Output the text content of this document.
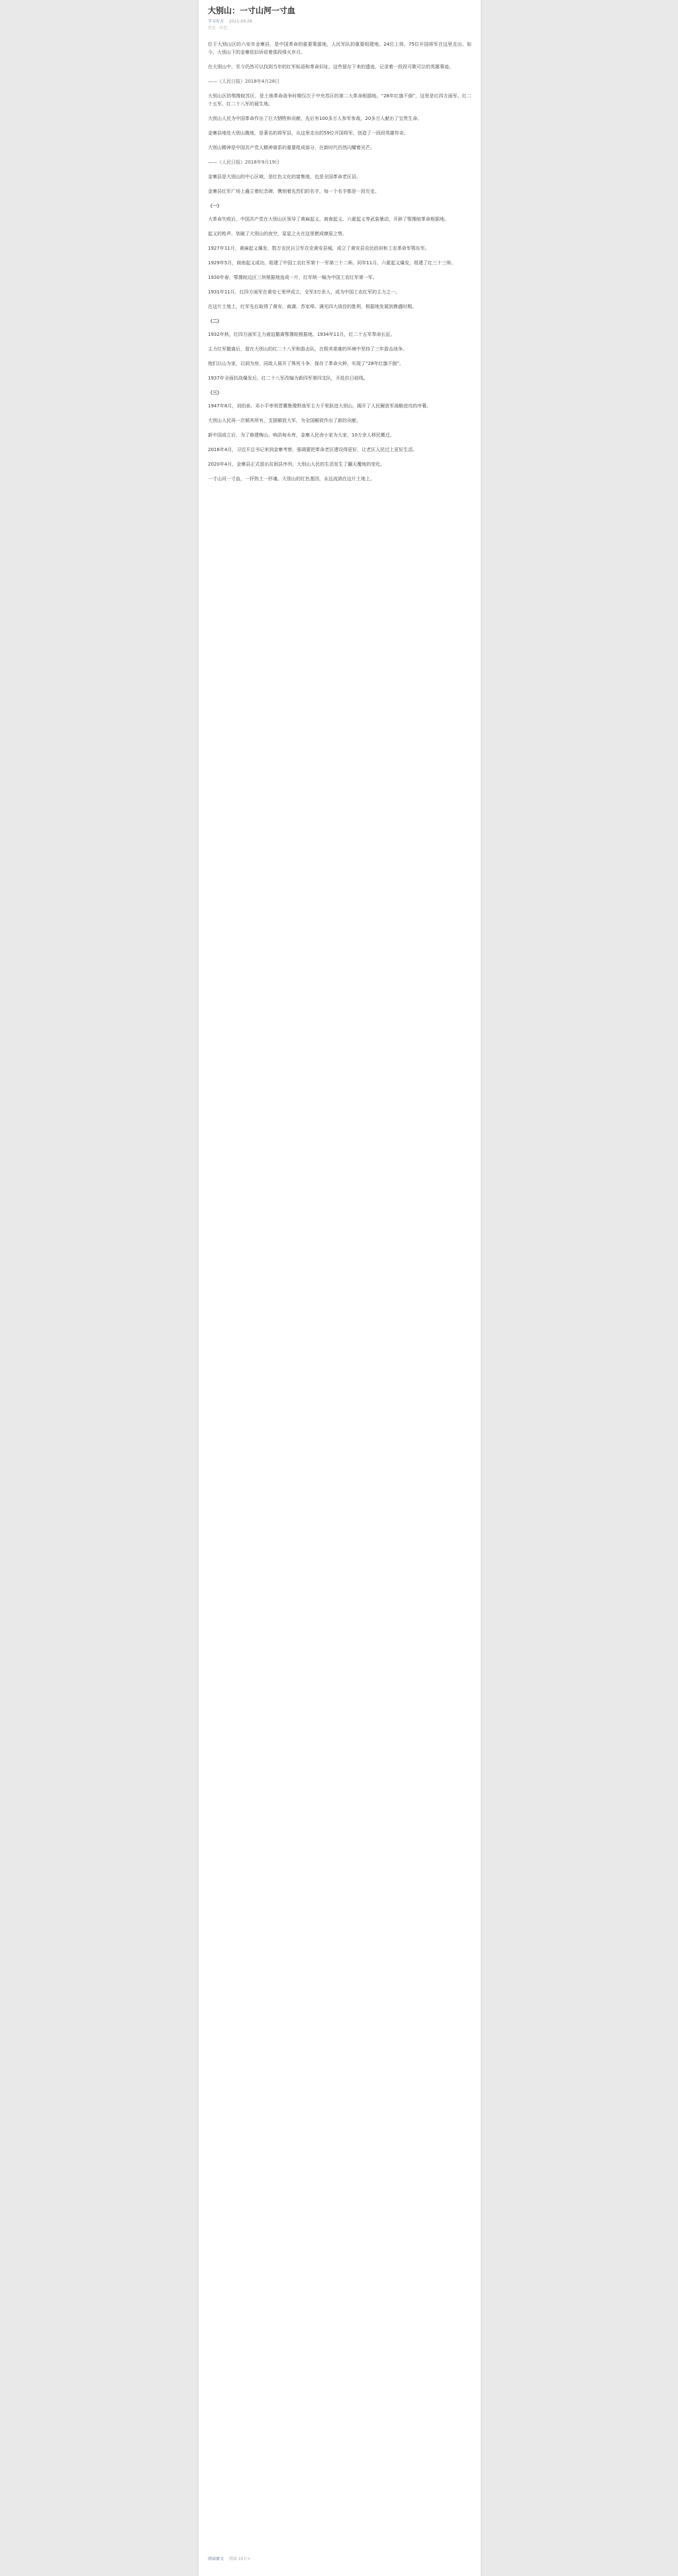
大别山：一寸山河一寸血

学习有方 2021-09-28

历史 · 红色

位于大别山区的六安市金寨县，是中国革命的重要策源地，人民军队的重要组建地。24位上将，75位开国将军在这里走出。如今，大别山下的金寨依旧诉说着那段烽火岁月。

在大别山中，至今仍然可以找到当年的红军标语和革命旧址。这些留存下来的遗迹，记录着一段段可歌可泣的英雄事迹。

——《人民日报》2018年4月28日

大别山区的鄂豫皖苏区，是土地革命战争时期仅次于中央苏区的第二大革命根据地。“28年红旗不倒”，这里是红四方面军、红二十五军、红二十八军的诞生地。

大别山人民为中国革命作出了巨大牺牲和贡献，先后有100多万人参军参战，20多万人献出了宝贵生命。

金寨县地处大别山腹地，是著名的将军县，从这里走出的59位开国将军，创造了一段段英雄传奇。

大别山精神是中国共产党人精神谱系的重要组成部分，在新时代仍然闪耀着光芒。

——《人民日报》2018年9月19日

金寨县是大别山的中心区域，是红色文化的富集地，也是全国革命老区县。

金寨县红军广场上矗立着纪念碑，镌刻着先烈们的名字，每一个名字都是一段历史。

（一）

大革命失败后，中国共产党在大别山区领导了黄麻起义、商南起义、六霍起义等武装暴动，开辟了鄂豫皖革命根据地。

起义的枪声，划破了大别山的夜空，星星之火在这里燃成燎原之势。

1927年11月，黄麻起义爆发，数万农民自卫军攻克黄安县城，成立了黄安县农民政府和工农革命军鄂东军。

1929年5月，商南起义成功，组建了中国工农红军第十一军第三十二师。同年11月，六霍起义爆发，组建了红三十三师。

1930年春，鄂豫皖边区三块根据地连成一片，红军统一编为中国工农红军第一军。

1931年11月，红四方面军在黄安七里坪成立，全军3万余人，成为中国工农红军的主力之一。

在这片土地上，红军先后取得了黄安、商潢、苏家埠、潢光四大战役的胜利，根据地发展到鼎盛时期。

（二）

1932年秋，红四方面军主力被迫撤离鄂豫皖根据地。1934年11月，红二十五军奉命长征。

主力红军撤离后，留在大别山的红二十八军和游击队，在极其艰难的环境中坚持了三年游击战争。

他们以山为家，以洞为房，同敌人展开了殊死斗争，保存了革命火种，实现了“28年红旗不倒”。

1937年全面抗战爆发后，红二十八军改编为新四军第四支队，开赴抗日前线。

（三）

1947年8月，刘伯承、邓小平率领晋冀鲁豫野战军主力千里跃进大别山，揭开了人民解放军战略进攻的序幕。

大别山人民再一次倾其所有，支援解放大军，为全国解放作出了新的贡献。

新中国成立后，为了修建梅山、响洪甸水库，金寨人民舍小家为大家，10万余人移民搬迁。

2016年4月，习近平总书记来到金寨考察，强调要把革命老区建设得更好，让老区人民过上更好生活。

2020年4月，金寨县正式退出贫困县序列，大别山人民的生活发生了翻天覆地的变化。

一寸山河一寸血，一抔热土一抔魂。大别山的红色基因，永远流淌在这片土地上。

阅读原文 阅读 10万+
